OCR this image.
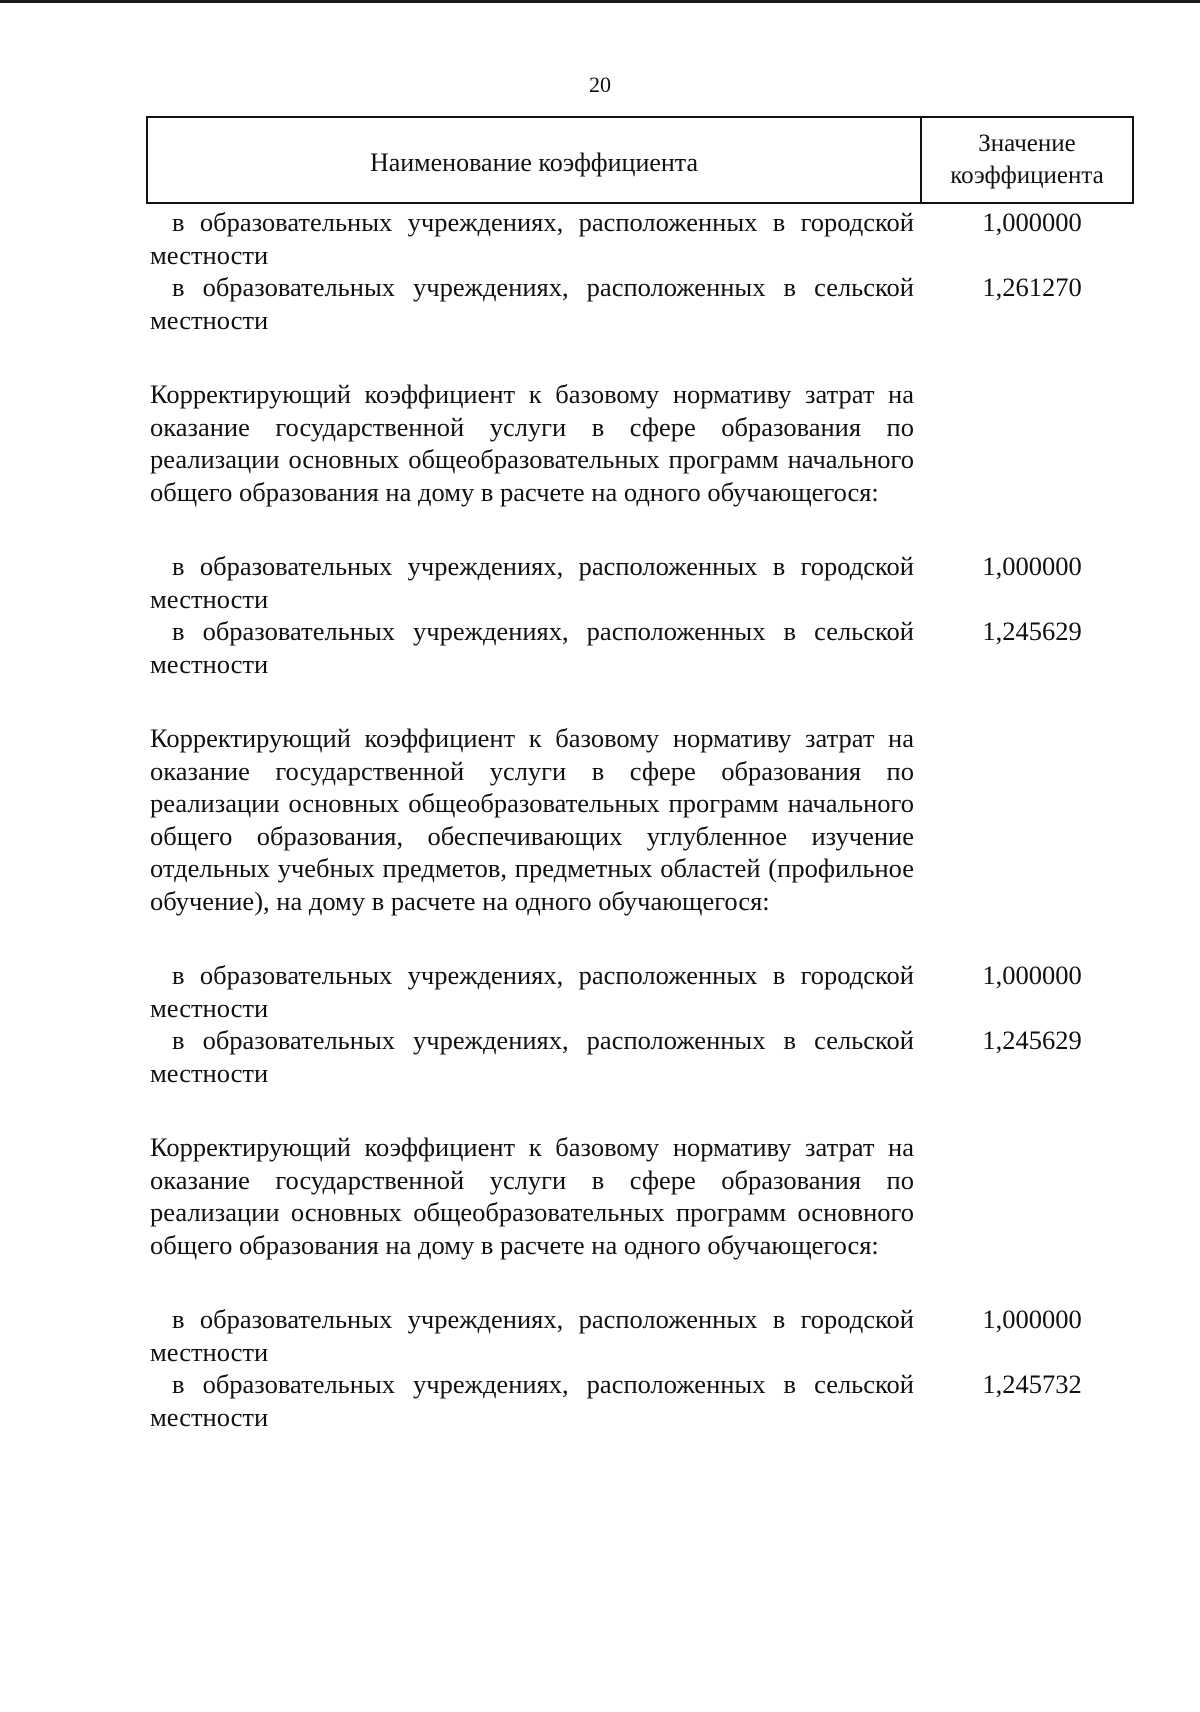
20
Наименование коэффициента
Значение
коэффициента
в образовательных учреждениях, расположенных в городской местности
1,000000
в образовательных учреждениях, расположенных в сельской местности
1,261270
Корректирующий коэффициент к базовому нормативу затрат на оказание государственной услуги в сфере образования по реализации основных общеобразовательных программ начального общего образования на дому в расчете на одного обучающегося:
в образовательных учреждениях, расположенных в городской местности
1,000000
в образовательных учреждениях, расположенных в сельской местности
1,245629
Корректирующий коэффициент к базовому нормативу затрат на оказание государственной услуги в сфере образования по реализации основных общеобразовательных программ начального общего образования, обеспечивающих углубленное изучение отдельных учебных предметов, предметных областей (профильное обучение), на дому в расчете на одного обучающегося:
в образовательных учреждениях, расположенных в городской местности
1,000000
в образовательных учреждениях, расположенных в сельской местности
1,245629
Корректирующий коэффициент к базовому нормативу затрат на оказание государственной услуги в сфере образования по реализации основных общеобразовательных программ основного общего образования на дому в расчете на одного обучающегося:
в образовательных учреждениях, расположенных в городской местности
1,000000
в образовательных учреждениях, расположенных в сельской местности
1,245732
